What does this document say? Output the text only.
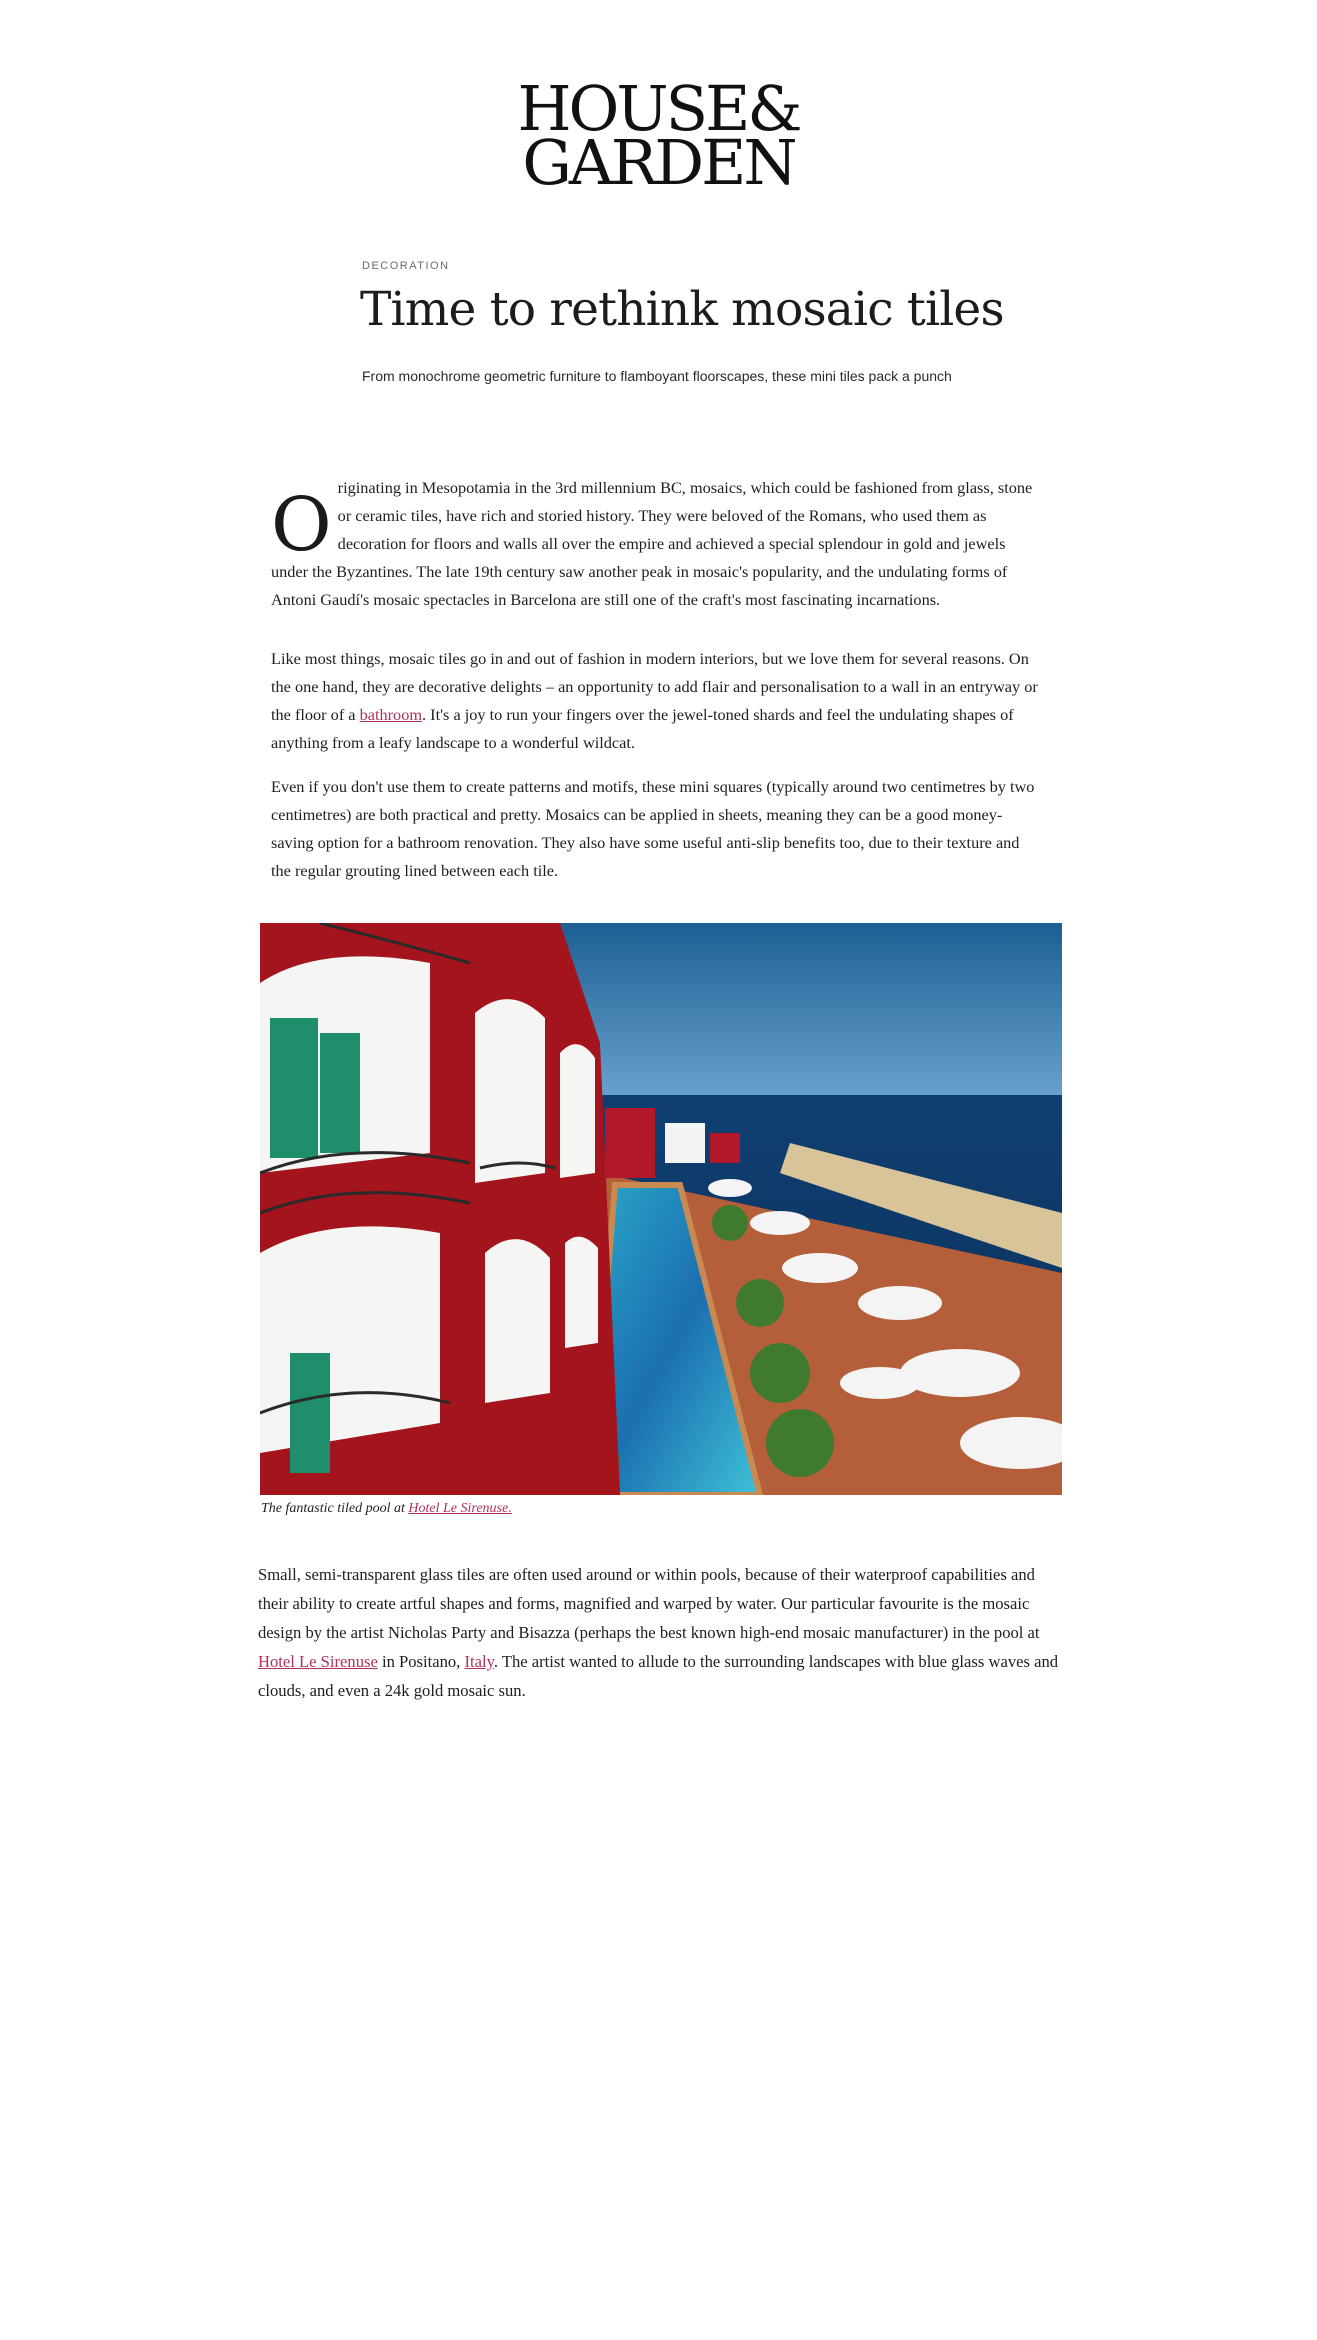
HOUSE&
GARDEN
DECORATION
Time to rethink mosaic tiles
From monochrome geometric furniture to flamboyant floorscapes, these mini tiles pack a punch

Originating in Mesopotamia in the 3rd millennium BC, mosaics, which could be fashioned from glass, stone or ceramic tiles, have rich and storied history. They were beloved of the Romans, who used them as decoration for floors and walls all over the empire and achieved a special splendour in gold and jewels under the Byzantines. The late 19th century saw another peak in mosaic's popularity, and the undulating forms of Antoni Gaudí's mosaic spectacles in Barcelona are still one of the craft's most fascinating incarnations.

Like most things, mosaic tiles go in and out of fashion in modern interiors, but we love them for several reasons. On the one hand, they are decorative delights – an opportunity to add flair and personalisation to a wall in an entryway or the floor of a bathroom. It's a joy to run your fingers over the jewel-toned shards and feel the undulating shapes of anything from a leafy landscape to a wonderful wildcat.

Even if you don't use them to create patterns and motifs, these mini squares (typically around two centimetres by two centimetres) are both practical and pretty. Mosaics can be applied in sheets, meaning they can be a good money-saving option for a bathroom renovation. They also have some useful anti-slip benefits too, due to their texture and the regular grouting lined between each tile.

The fantastic tiled pool at Hotel Le Sirenuse.

Small, semi-transparent glass tiles are often used around or within pools, because of their waterproof capabilities and their ability to create artful shapes and forms, magnified and warped by water. Our particular favourite is the mosaic design by the artist Nicholas Party and Bisazza (perhaps the best known high-end mosaic manufacturer) in the pool at Hotel Le Sirenuse in Positano, Italy. The artist wanted to allude to the surrounding landscapes with blue glass waves and clouds, and even a 24k gold mosaic sun.
